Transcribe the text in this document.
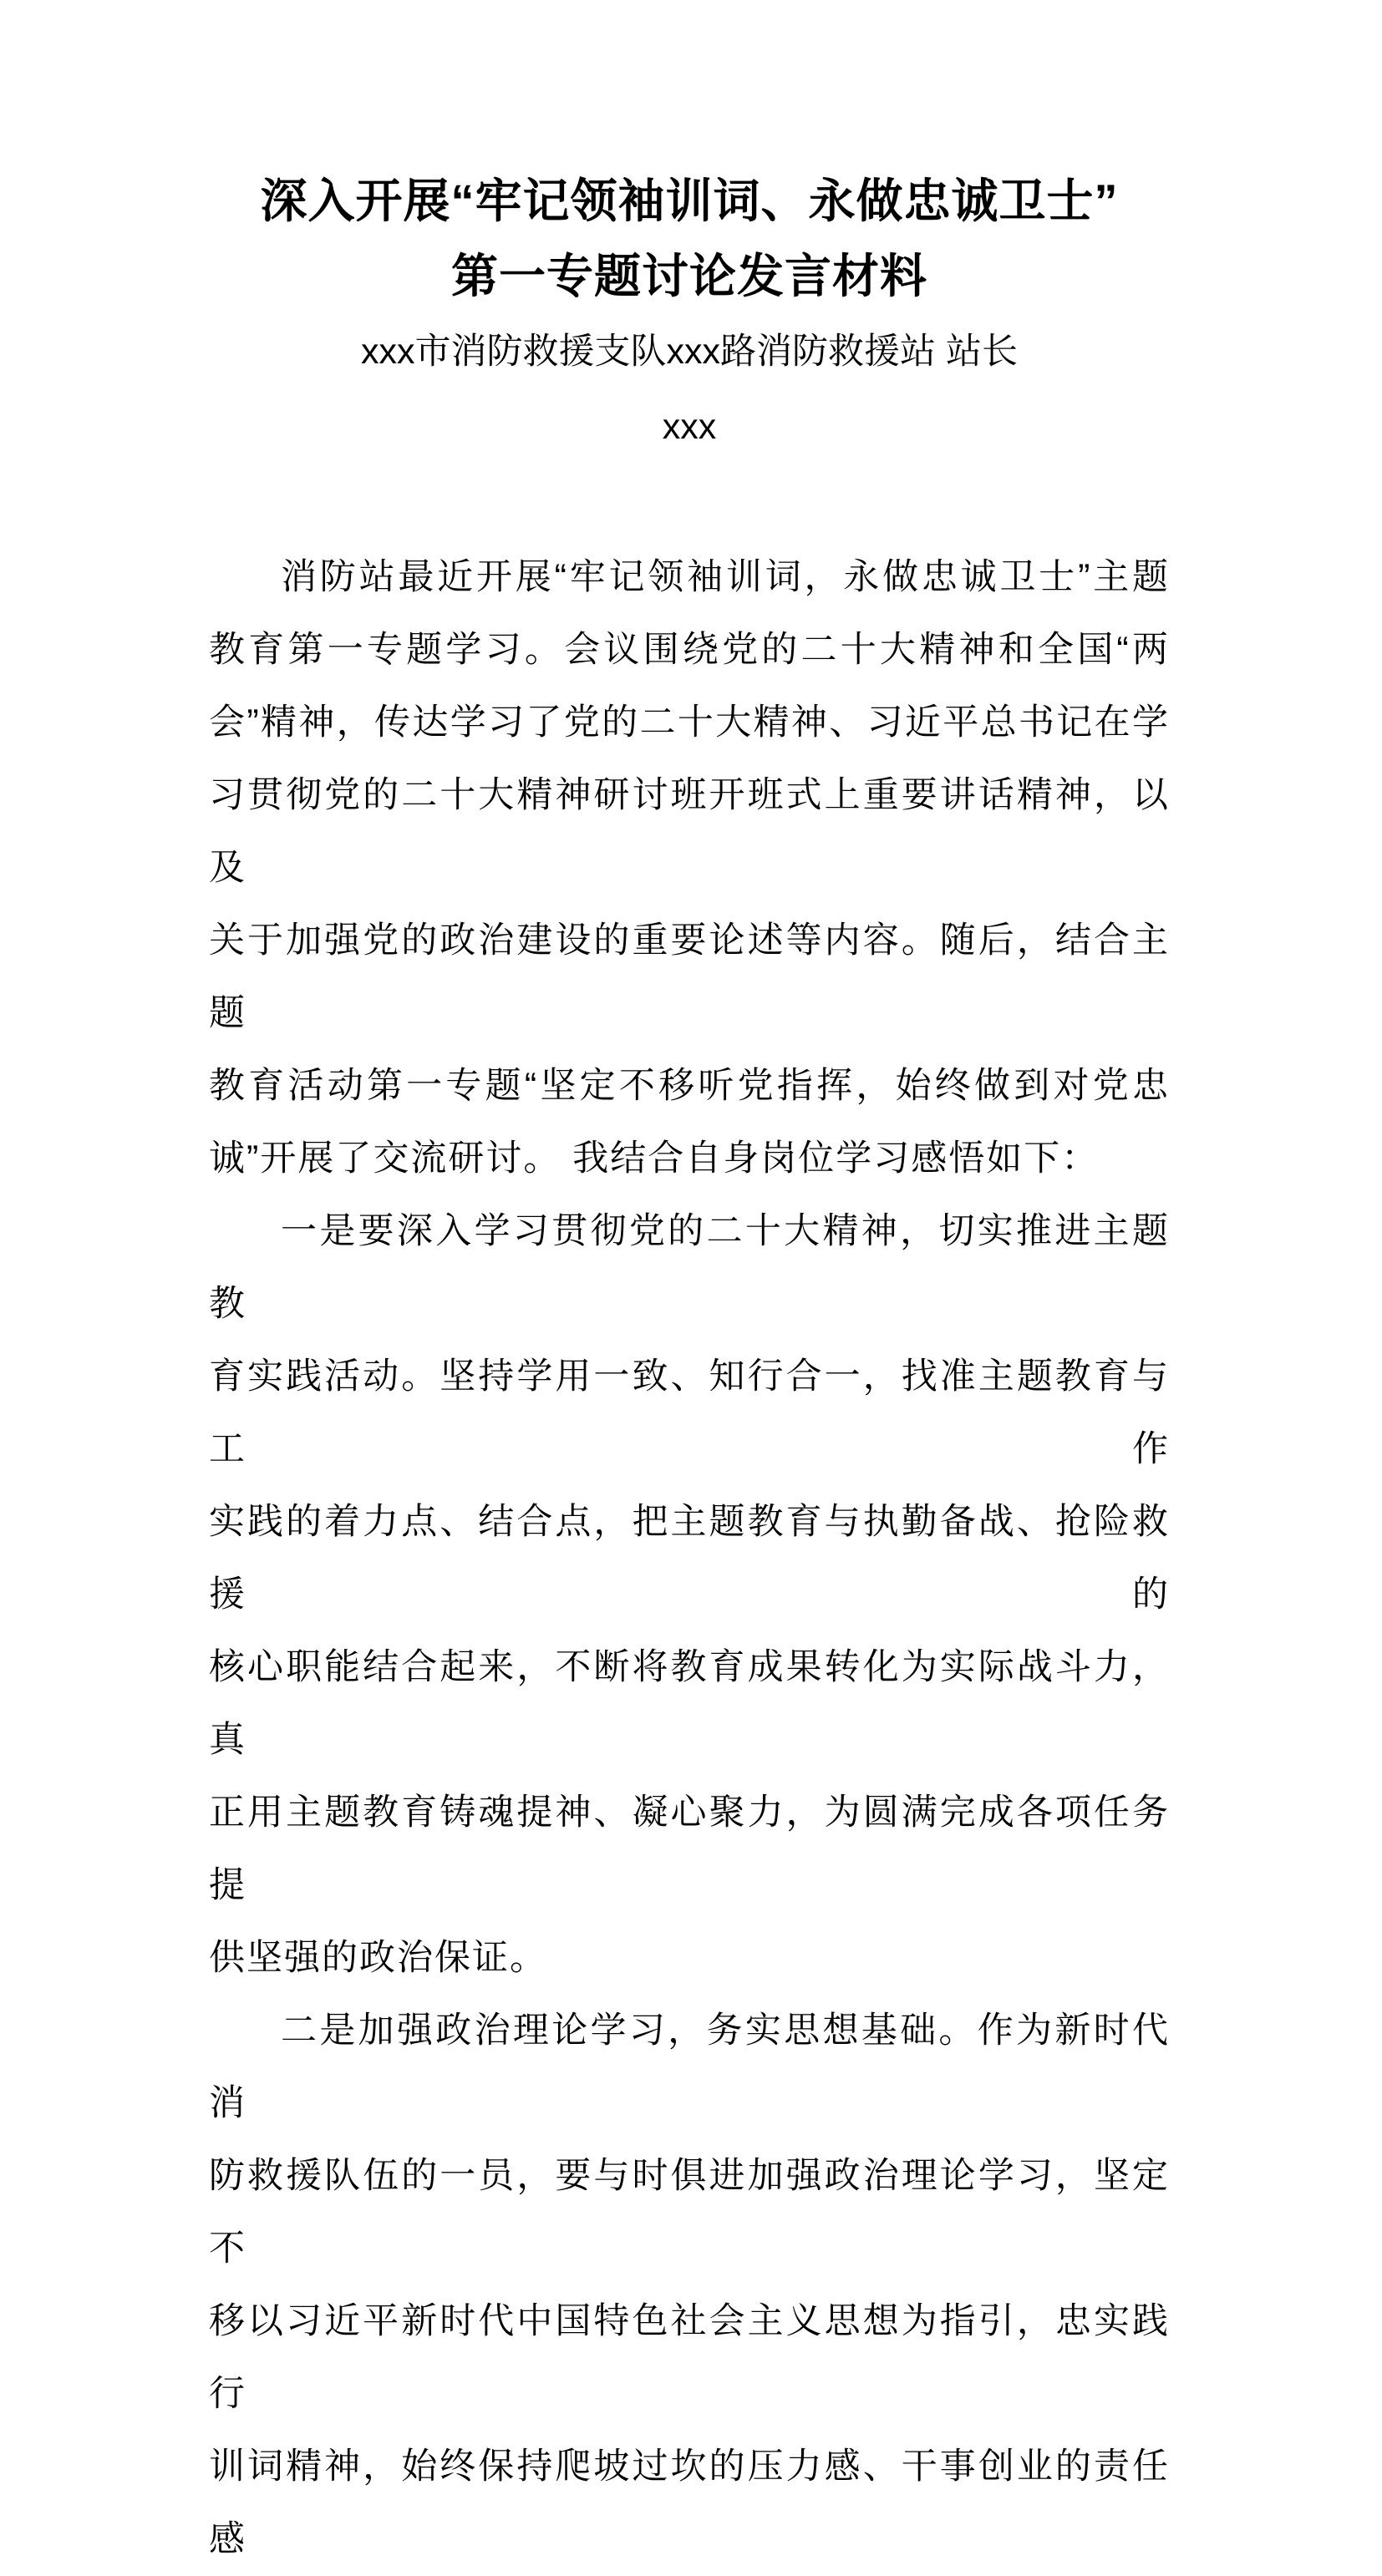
深入开展“牢记领袖训词、永做忠诚卫士”
第一专题讨论发言材料
xxx市消防救援支队xxx路消防救援站 站长
xxx
消防站最近开展“牢记领袖训词，永做忠诚卫士”主题
教育第一专题学习。会议围绕党的二十大精神和全国“两
会”精神，传达学习了党的二十大精神、习近平总书记在学
习贯彻党的二十大精神研讨班开班式上重要讲话精神，以及
关于加强党的政治建设的重要论述等内容。随后，结合主题
教育活动第一专题“坚定不移听党指挥，始终做到对党忠
诚”开展了交流研讨。 我结合自身岗位学习感悟如下：
一是要深入学习贯彻党的二十大精神，切实推进主题教
育实践活动。坚持学用一致、知行合一，找准主题教育与工作
实践的着力点、结合点，把主题教育与执勤备战、抢险救援的
核心职能结合起来，不断将教育成果转化为实际战斗力，真
正用主题教育铸魂提神、凝心聚力，为圆满完成各项任务提
供坚强的政治保证。
二是加强政治理论学习，务实思想基础。作为新时代消
防救援队伍的一员，要与时俱进加强政治理论学习，坚定不
移以习近平新时代中国特色社会主义思想为指引，忠实践行
训词精神，始终保持爬坡过坎的压力感、干事创业的责任感
